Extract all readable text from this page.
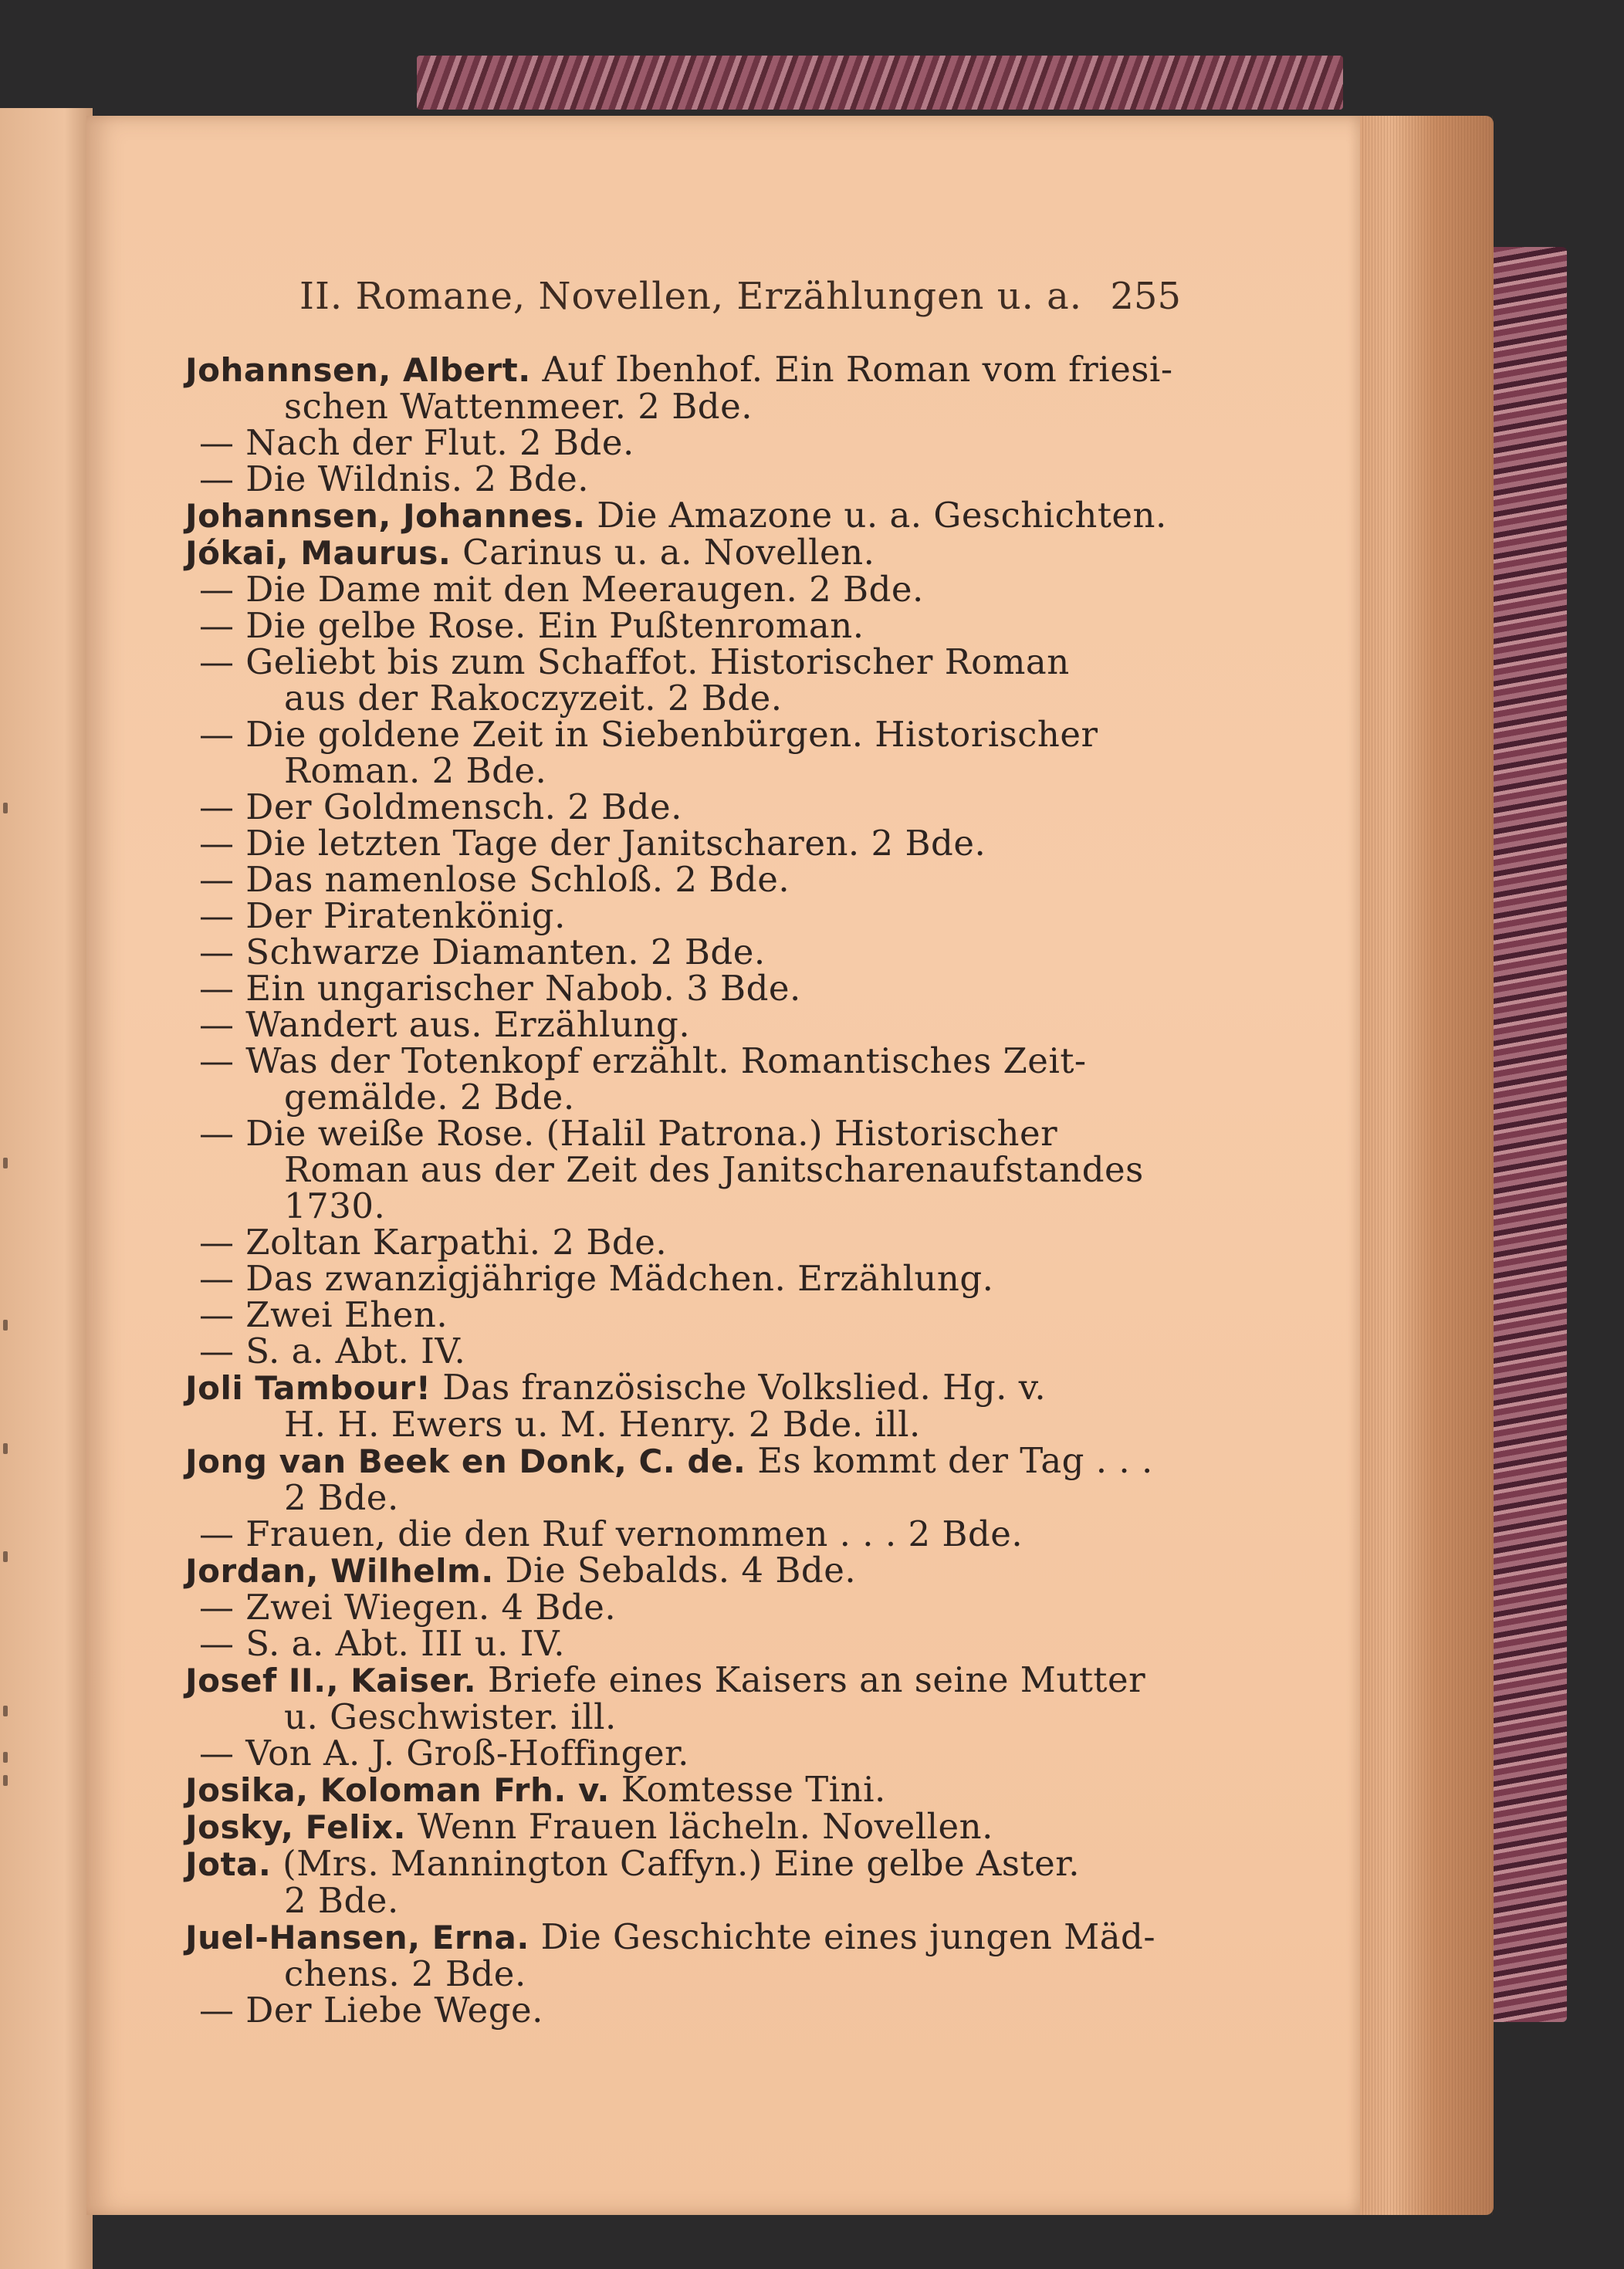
II. Romane, Novellen, Erzählungen u. a. 255
Johannsen, Albert. Auf Ibenhof. Ein Roman vom friesi-
schen Wattenmeer. 2 Bde.
— Nach der Flut. 2 Bde.
— Die Wildnis. 2 Bde.
Johannsen, Johannes. Die Amazone u. a. Geschichten.
Jókai, Maurus. Carinus u. a. Novellen.
— Die Dame mit den Meeraugen. 2 Bde.
— Die gelbe Rose. Ein Pußtenroman.
— Geliebt bis zum Schaffot. Historischer Roman
aus der Rakoczyzeit. 2 Bde.
— Die goldene Zeit in Siebenbürgen. Historischer
Roman. 2 Bde.
— Der Goldmensch. 2 Bde.
— Die letzten Tage der Janitscharen. 2 Bde.
— Das namenlose Schloß. 2 Bde.
— Der Piratenkönig.
— Schwarze Diamanten. 2 Bde.
— Ein ungarischer Nabob. 3 Bde.
— Wandert aus. Erzählung.
— Was der Totenkopf erzählt. Romantisches Zeit-
gemälde. 2 Bde.
— Die weiße Rose. (Halil Patrona.) Historischer
Roman aus der Zeit des Janitscharenaufstandes
1730.
— Zoltan Karpathi. 2 Bde.
— Das zwanzigjährige Mädchen. Erzählung.
— Zwei Ehen.
— S. a. Abt. IV.
Joli Tambour! Das französische Volkslied. Hg. v.
H. H. Ewers u. M. Henry. 2 Bde. ill.
Jong van Beek en Donk, C. de. Es kommt der Tag . . .
2 Bde.
— Frauen, die den Ruf vernommen . . . 2 Bde.
Jordan, Wilhelm. Die Sebalds. 4 Bde.
— Zwei Wiegen. 4 Bde.
— S. a. Abt. III u. IV.
Josef II., Kaiser. Briefe eines Kaisers an seine Mutter
u. Geschwister. ill.
— Von A. J. Groß-Hoffinger.
Josika, Koloman Frh. v. Komtesse Tini.
Josky, Felix. Wenn Frauen lächeln. Novellen.
Jota. (Mrs. Mannington Caffyn.) Eine gelbe Aster.
2 Bde.
Juel-Hansen, Erna. Die Geschichte eines jungen Mäd-
chens. 2 Bde.
— Der Liebe Wege.
